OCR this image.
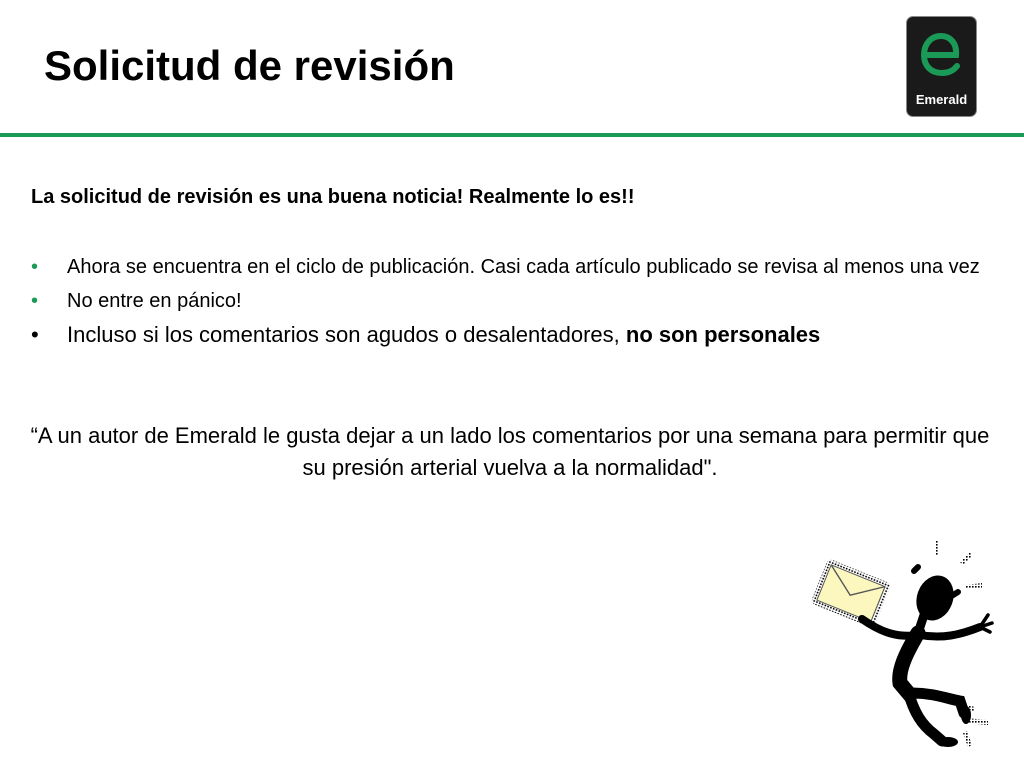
Solicitud de revisión
Emerald

La solicitud de revisión es una buena noticia! Realmente lo es!!

• Ahora se encuentra en el ciclo de publicación. Casi cada artículo publicado se revisa al menos una vez
• No entre en pánico!
• Incluso si los comentarios son agudos o desalentadores, no son personales

“A un autor de Emerald le gusta dejar a un lado los comentarios por una semana para permitir que su presión arterial vuelva a la normalidad".
